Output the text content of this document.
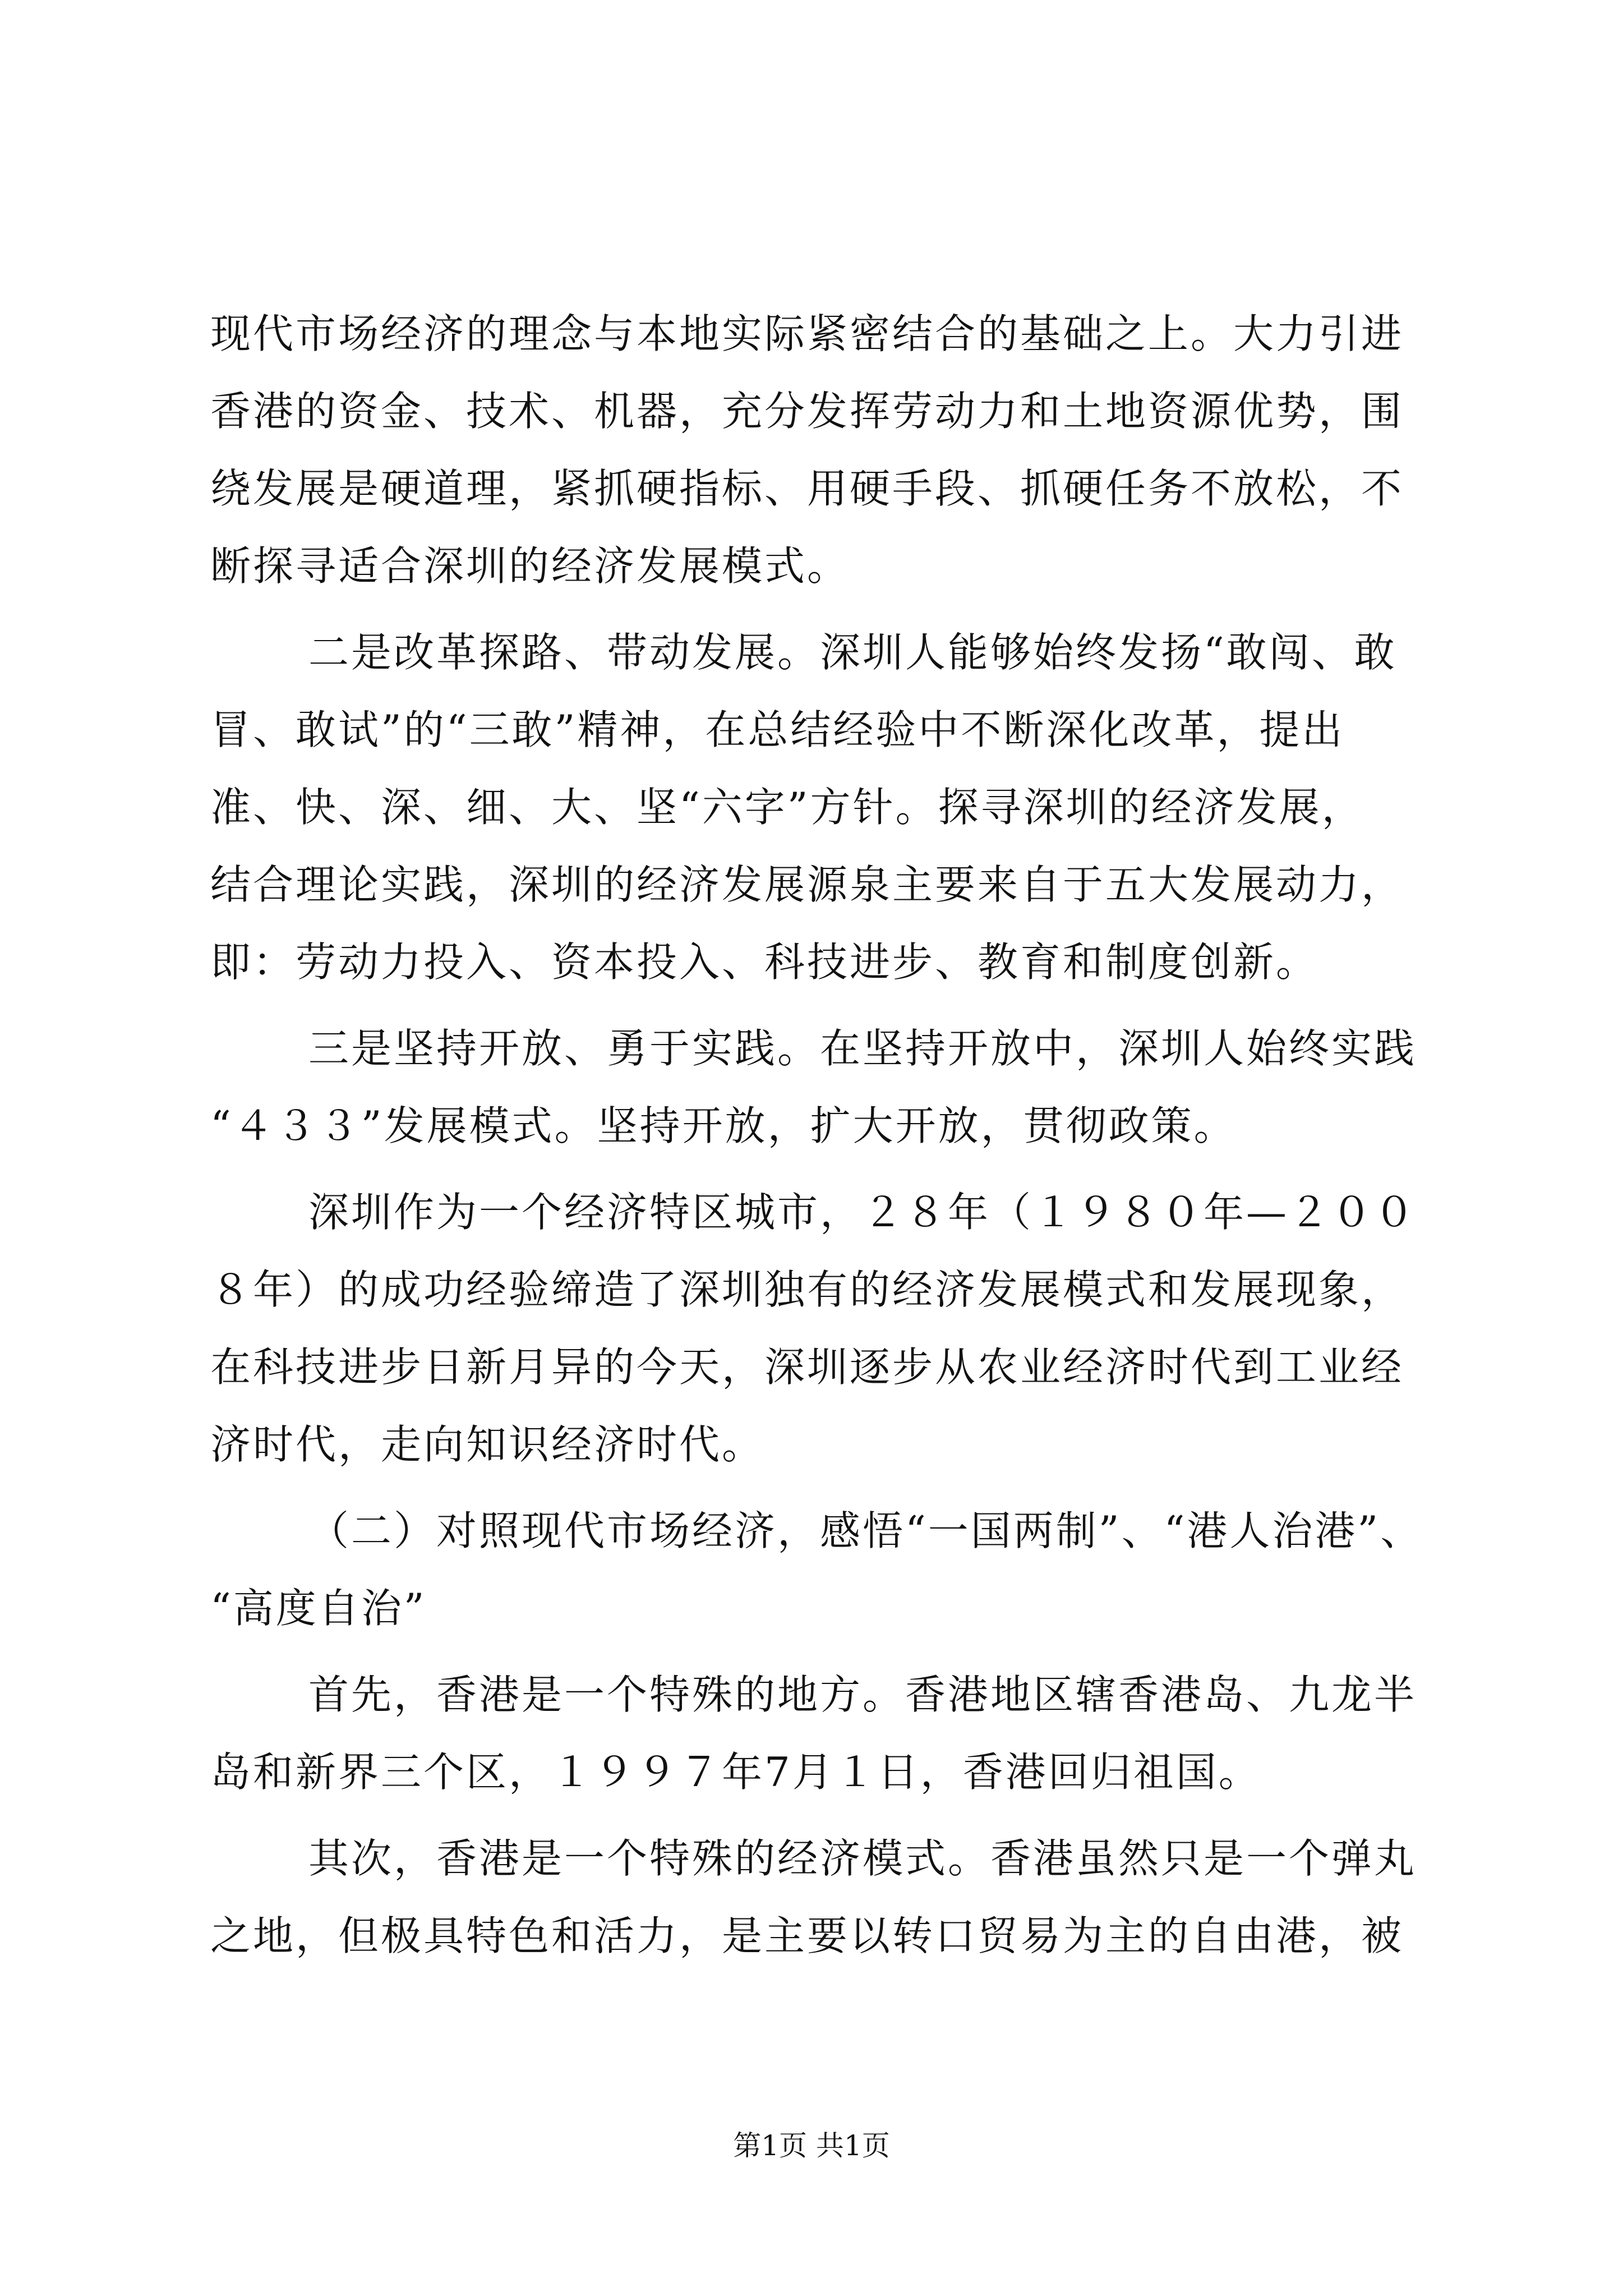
现代市场经济的理念与本地实际紧密结合的基础之上。大力引进
香港的资金、技术、机器，充分发挥劳动力和土地资源优势，围
绕发展是硬道理，紧抓硬指标、用硬手段、抓硬任务不放松，不
断探寻适合深圳的经济发展模式。
二是改革探路、带动发展。深圳人能够始终发扬“敢闯、敢
冒、敢试”的“三敢”精神，在总结经验中不断深化改革，提出
准、快、深、细、大、坚“六字”方针。探寻深圳的经济发展，
结合理论实践，深圳的经济发展源泉主要来自于五大发展动力，
即：劳动力投入、资本投入、科技进步、教育和制度创新。
三是坚持开放、勇于实践。在坚持开放中，深圳人始终实践
“４３３”发展模式。坚持开放，扩大开放，贯彻政策。
深圳作为一个经济特区城市，２８年（１９８０年—２００
８年）的成功经验缔造了深圳独有的经济发展模式和发展现象，
在科技进步日新月异的今天，深圳逐步从农业经济时代到工业经
济时代，走向知识经济时代。
（二）对照现代市场经济，感悟“一国两制”、“港人治港”、
“高度自治”
首先，香港是一个特殊的地方。香港地区辖香港岛、九龙半
岛和新界三个区，１９９７年7月１日，香港回归祖国。
其次，香港是一个特殊的经济模式。香港虽然只是一个弹丸
之地，但极具特色和活力，是主要以转口贸易为主的自由港，被
第1页 共1页
